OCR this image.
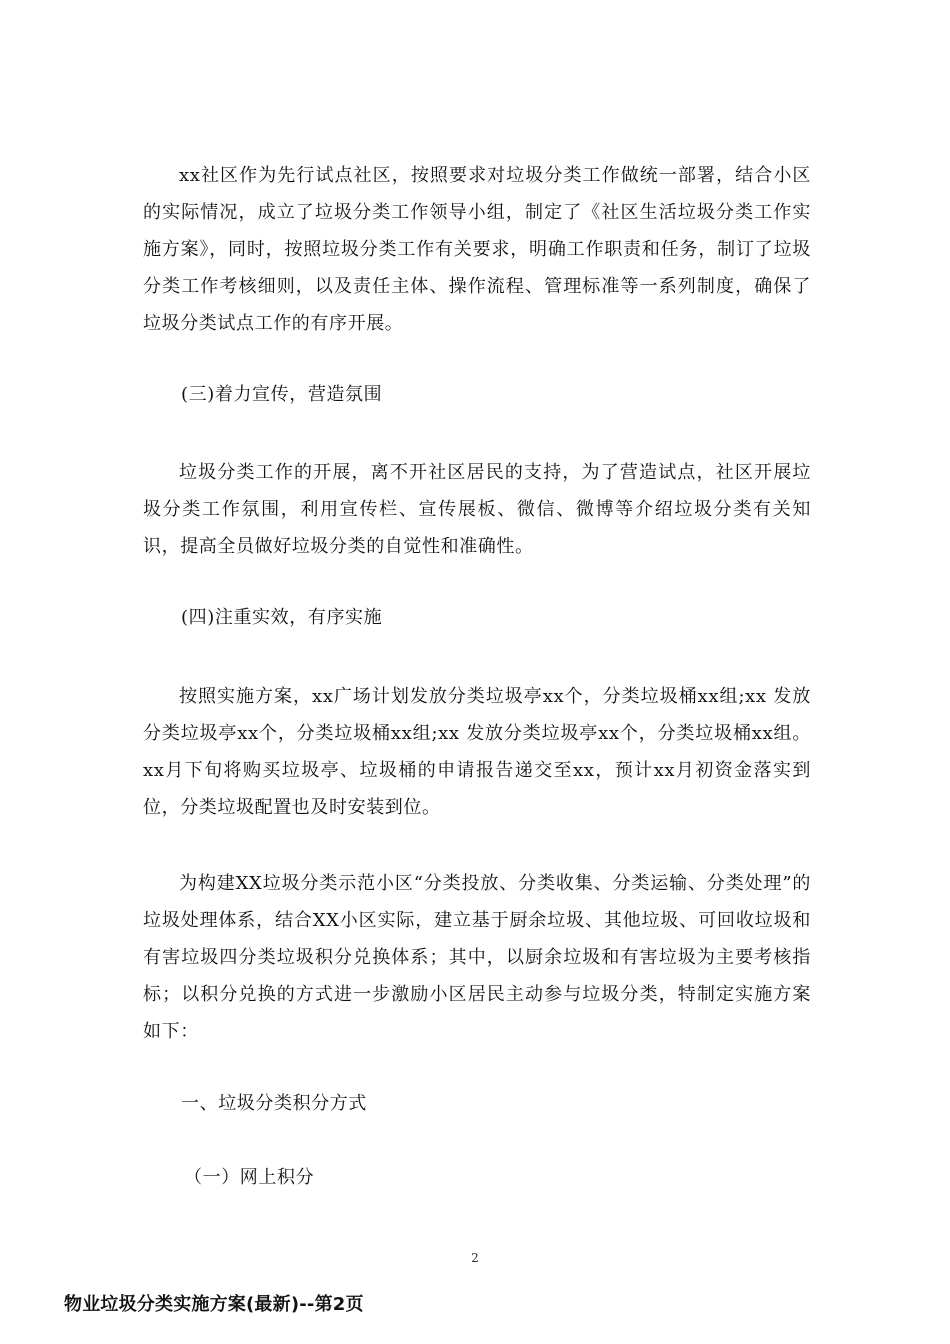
xx社区作为先行试点社区，按照要求对垃圾分类工作做统一部署，结合小区的实际情况，成立了垃圾分类工作领导小组，制定了《社区生活垃圾分类工作实施方案》，同时，按照垃圾分类工作有关要求，明确工作职责和任务，制订了垃圾分类工作考核细则，以及责任主体、操作流程、管理标准等一系列制度，确保了垃圾分类试点工作的有序开展。

(三)着力宣传，营造氛围

垃圾分类工作的开展，离不开社区居民的支持，为了营造试点，社区开展垃圾分类工作氛围，利用宣传栏、宣传展板、微信、微博等介绍垃圾分类有关知识，提高全员做好垃圾分类的自觉性和准确性。

(四)注重实效，有序实施

按照实施方案，xx广场计划发放分类垃圾亭xx个，分类垃圾桶xx组;xx 发放分类垃圾亭xx个，分类垃圾桶xx组;xx 发放分类垃圾亭xx个，分类垃圾桶xx组。xx月下旬将购买垃圾亭、垃圾桶的申请报告递交至xx，预计xx月初资金落实到位，分类垃圾配置也及时安装到位。

为构建XX垃圾分类示范小区“分类投放、分类收集、分类运输、分类处理”的垃圾处理体系，结合XX小区实际，建立基于厨余垃圾、其他垃圾、可回收垃圾和有害垃圾四分类垃圾积分兑换体系；其中，以厨余垃圾和有害垃圾为主要考核指标；以积分兑换的方式进一步激励小区居民主动参与垃圾分类，特制定实施方案如下：

一、垃圾分类积分方式

（一）网上积分

2
物业垃圾分类实施方案(最新)--第2页
